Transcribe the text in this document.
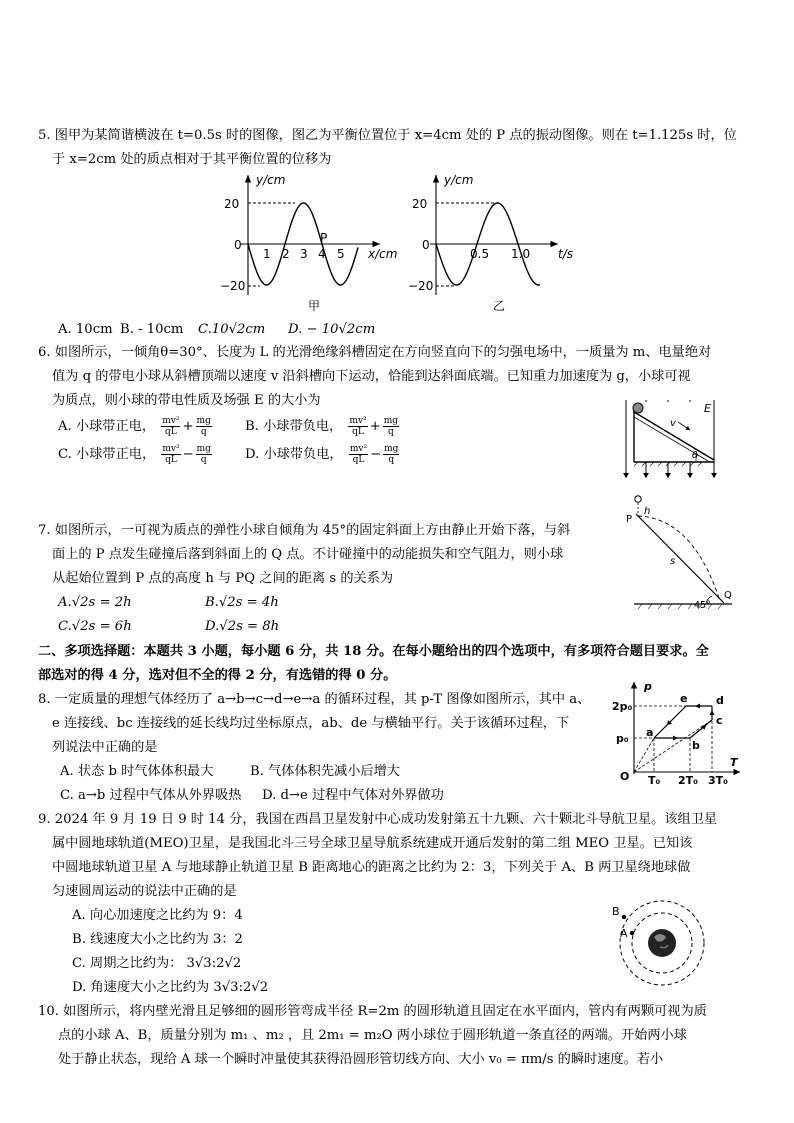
5. 图甲为某简谐横波在 t=0.5s 时的图像，图乙为平衡位置位于 x=4cm 处的 P 点的振动图像。则在 t=1.125s 时，位
于 x=2cm 处的质点相对于其平衡位置的位移为
y/cm
20
0
−20
1 2 3 4 5
P
x/cm
甲
y/cm
20
0
−20
0.5 1.0 t/s
乙
A. 10cm B. - 10cm C.10√2cm D. − 10√2cm
6. 如图所示，一倾角θ=30°、长度为 L 的光滑绝缘斜槽固定在方向竖直向下的匀强电场中，一质量为 m、电量绝对
值为 q 的带电小球从斜槽顶端以速度 v 沿斜槽向下运动，恰能到达斜面底端。已知重力加速度为 g，小球可视
为质点，则小球的带电性质及场强 E 的大小为
A. 小球带正电， $\frac{\text{mv²}}{qL} + \frac{mg}{q}$	B. 小球带负电， $\frac{\text{mv²}}{qL} + \frac{mg}{q}$
C. 小球带正电， $\frac{\text{mv²}}{qL} - \frac{mg}{q}$	D. 小球带负电， $\frac{\text{mv²}}{qL} - \frac{mg}{q}$
E
v
θ
7. 如图所示，一可视为质点的弹性小球自倾角为 45°的固定斜面上方由静止开始下落，与斜
面上的 P 点发生碰撞后落到斜面上的 Q 点。不计碰撞中的动能损失和空气阻力，则小球
从起始位置到 P 点的高度 h 与 PQ 之间的距离 s 的关系为
A.√2s = 2h	B.√2s = 4h
C.√2s = 6h	D.√2s = 8h
h
P
s
Q
45°
二、多项选择题：本题共 3 小题，每小题 6 分，共 18 分。在每小题给出的四个选项中，有多项符合题目要求。全
部选对的得 4 分，选对但不全的得 2 分，有选错的得 0 分。
8. 一定质量的理想气体经历了 a→b→c→d→e→a 的循环过程，其 p-T 图像如图所示，其中 a、
e 连接线、bc 连接线的延长线均过坐标原点，ab、de 与横轴平行。关于该循环过程，下
列说法中正确的是
A. 状态 b 时气体体积最大	B. 气体体积先减小后增大
C. a→b 过程中气体从外界吸热 D. d→e 过程中气体对外界做功
p
T
O
2p₀
p₀
T₀ 2T₀ 3T₀
a
b
c
d
e
9. 2024 年 9 月 19 日 9 时 14 分，我国在西昌卫星发射中心成功发射第五十九颗、六十颗北斗导航卫星。该组卫星
属中圆地球轨道(MEO)卫星，是我国北斗三号全球卫星导航系统建成开通后发射的第二组 MEO 卫星。已知该
中圆地球轨道卫星 A 与地球静止轨道卫星 B 距离地心的距离之比约为 2：3，下列关于 A、B 两卫星绕地球做
匀速圆周运动的说法中正确的是
A. 向心加速度之比约为 9：4
B. 线速度大小之比约为 3：2
C. 周期之比约为： 3√3:2√2
D. 角速度大小之比约为 3√3:2√2
A
B
10. 如图所示，将内壁光滑且足够细的圆形管弯成半径 R=2m 的圆形轨道且固定在水平面内，管内有两颗可视为质
点的小球 A、B，质量分别为 m₁ 、m₂ ，且 2m₁ = m₂O 两小球位于圆形轨道一条直径的两端。开始两小球
处于静止状态，现给 A 球一个瞬时冲量使其获得沿圆形管切线方向、大小 v₀ = πm/s 的瞬时速度。若小
